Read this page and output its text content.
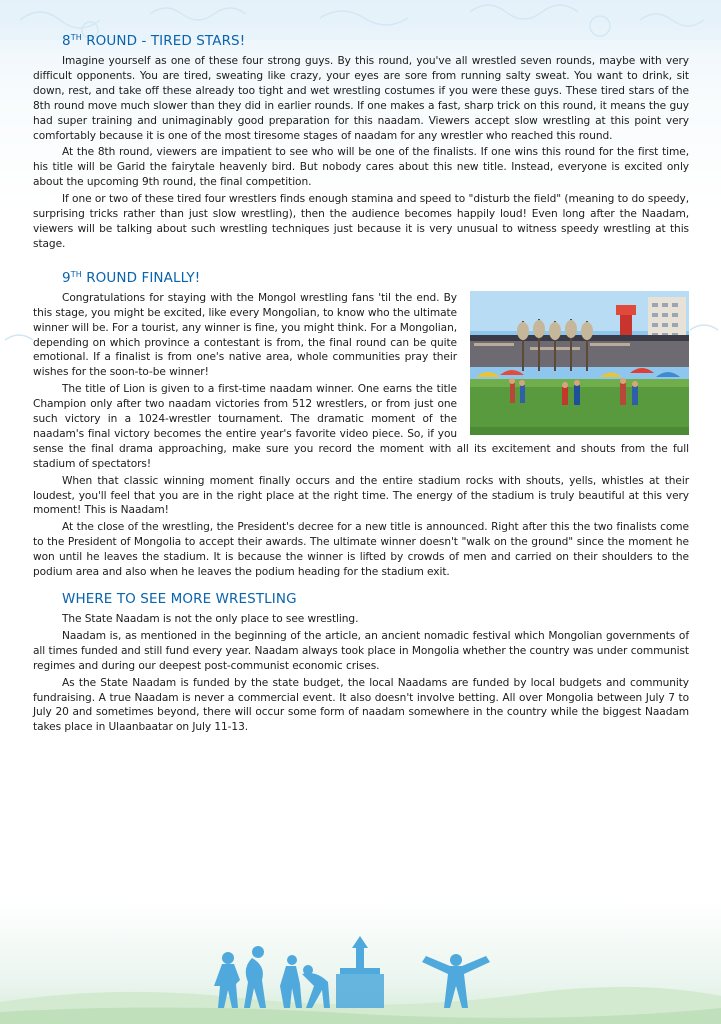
8TH ROUND - TIRED STARS!

Imagine yourself as one of these four strong guys. By this round, you've all wrestled seven rounds, maybe with very difficult opponents. You are tired, sweating like crazy, your eyes are sore from running salty sweat. You want to drink, sit down, rest, and take off these already too tight and wet wrestling costumes if you were these guys. These tired stars of the 8th round move much slower than they did in earlier rounds. If one makes a fast, sharp trick on this round, it means the guy had super training and unimaginably good preparation for this naadam. Viewers accept slow wrestling at this point very comfortably because it is one of the most tiresome stages of naadam for any wrestler who reached this round.

At the 8th round, viewers are impatient to see who will be one of the finalists. If one wins this round for the first time, his title will be Garid the fairytale heavenly bird. But nobody cares about this new title. Instead, everyone is excited only about the upcoming 9th round, the final competition.

If one or two of these tired four wrestlers finds enough stamina and speed to "disturb the field" (meaning to do speedy, surprising tricks rather than just slow wrestling), then the audience becomes happily loud! Even long after the Naadam, viewers will be talking about such wrestling techniques just because it is very unusual to witness speedy wrestling at this stage.

9TH ROUND FINALLY!

Congratulations for staying with the Mongol wrestling fans 'til the end. By this stage, you might be excited, like every Mongolian, to know who the ultimate winner will be. For a tourist, any winner is fine, you might think. For a Mongolian, depending on which province a contestant is from, the final round can be quite emotional. If a finalist is from one's native area, whole communities pray their wishes for the soon-to-be winner!

The title of Lion is given to a first-time naadam winner. One earns the title Champion only after two naadam victories from 512 wrestlers, or from just one such victory in a 1024-wrestler tournament. The dramatic moment of the naadam's final victory becomes the entire year's favorite video piece. So, if you sense the final drama approaching, make sure you record the moment with all its excitement and shouts from the full stadium of spectators!

When that classic winning moment finally occurs and the entire stadium rocks with shouts, yells, whistles at their loudest, you'll feel that you are in the right place at the right time. The energy of the stadium is truly beautiful at this very moment! This is Naadam!

At the close of the wrestling, the President's decree for a new title is announced. Right after this the two finalists come to the President of Mongolia to accept their awards. The ultimate winner doesn't "walk on the ground" since the moment he won until he leaves the stadium. It is because the winner is lifted by crowds of men and carried on their shoulders to the podium area and also when he leaves the podium heading for the stadium exit.

WHERE TO SEE MORE WRESTLING

The State Naadam is not the only place to see wrestling.

Naadam is, as mentioned in the beginning of the article, an ancient nomadic festival which Mongolian governments of all times funded and still fund every year. Naadam always took place in Mongolia whether the country was under communist regimes and during our deepest post-communist economic crises.

As the State Naadam is funded by the state budget, the local Naadams are funded by local budgets and community fundraising. A true Naadam is never a commercial event. It also doesn't involve betting. All over Mongolia between July 7 to July 20 and sometimes beyond, there will occur some form of naadam somewhere in the country while the biggest Naadam takes place in Ulaanbaatar on July 11-13.
